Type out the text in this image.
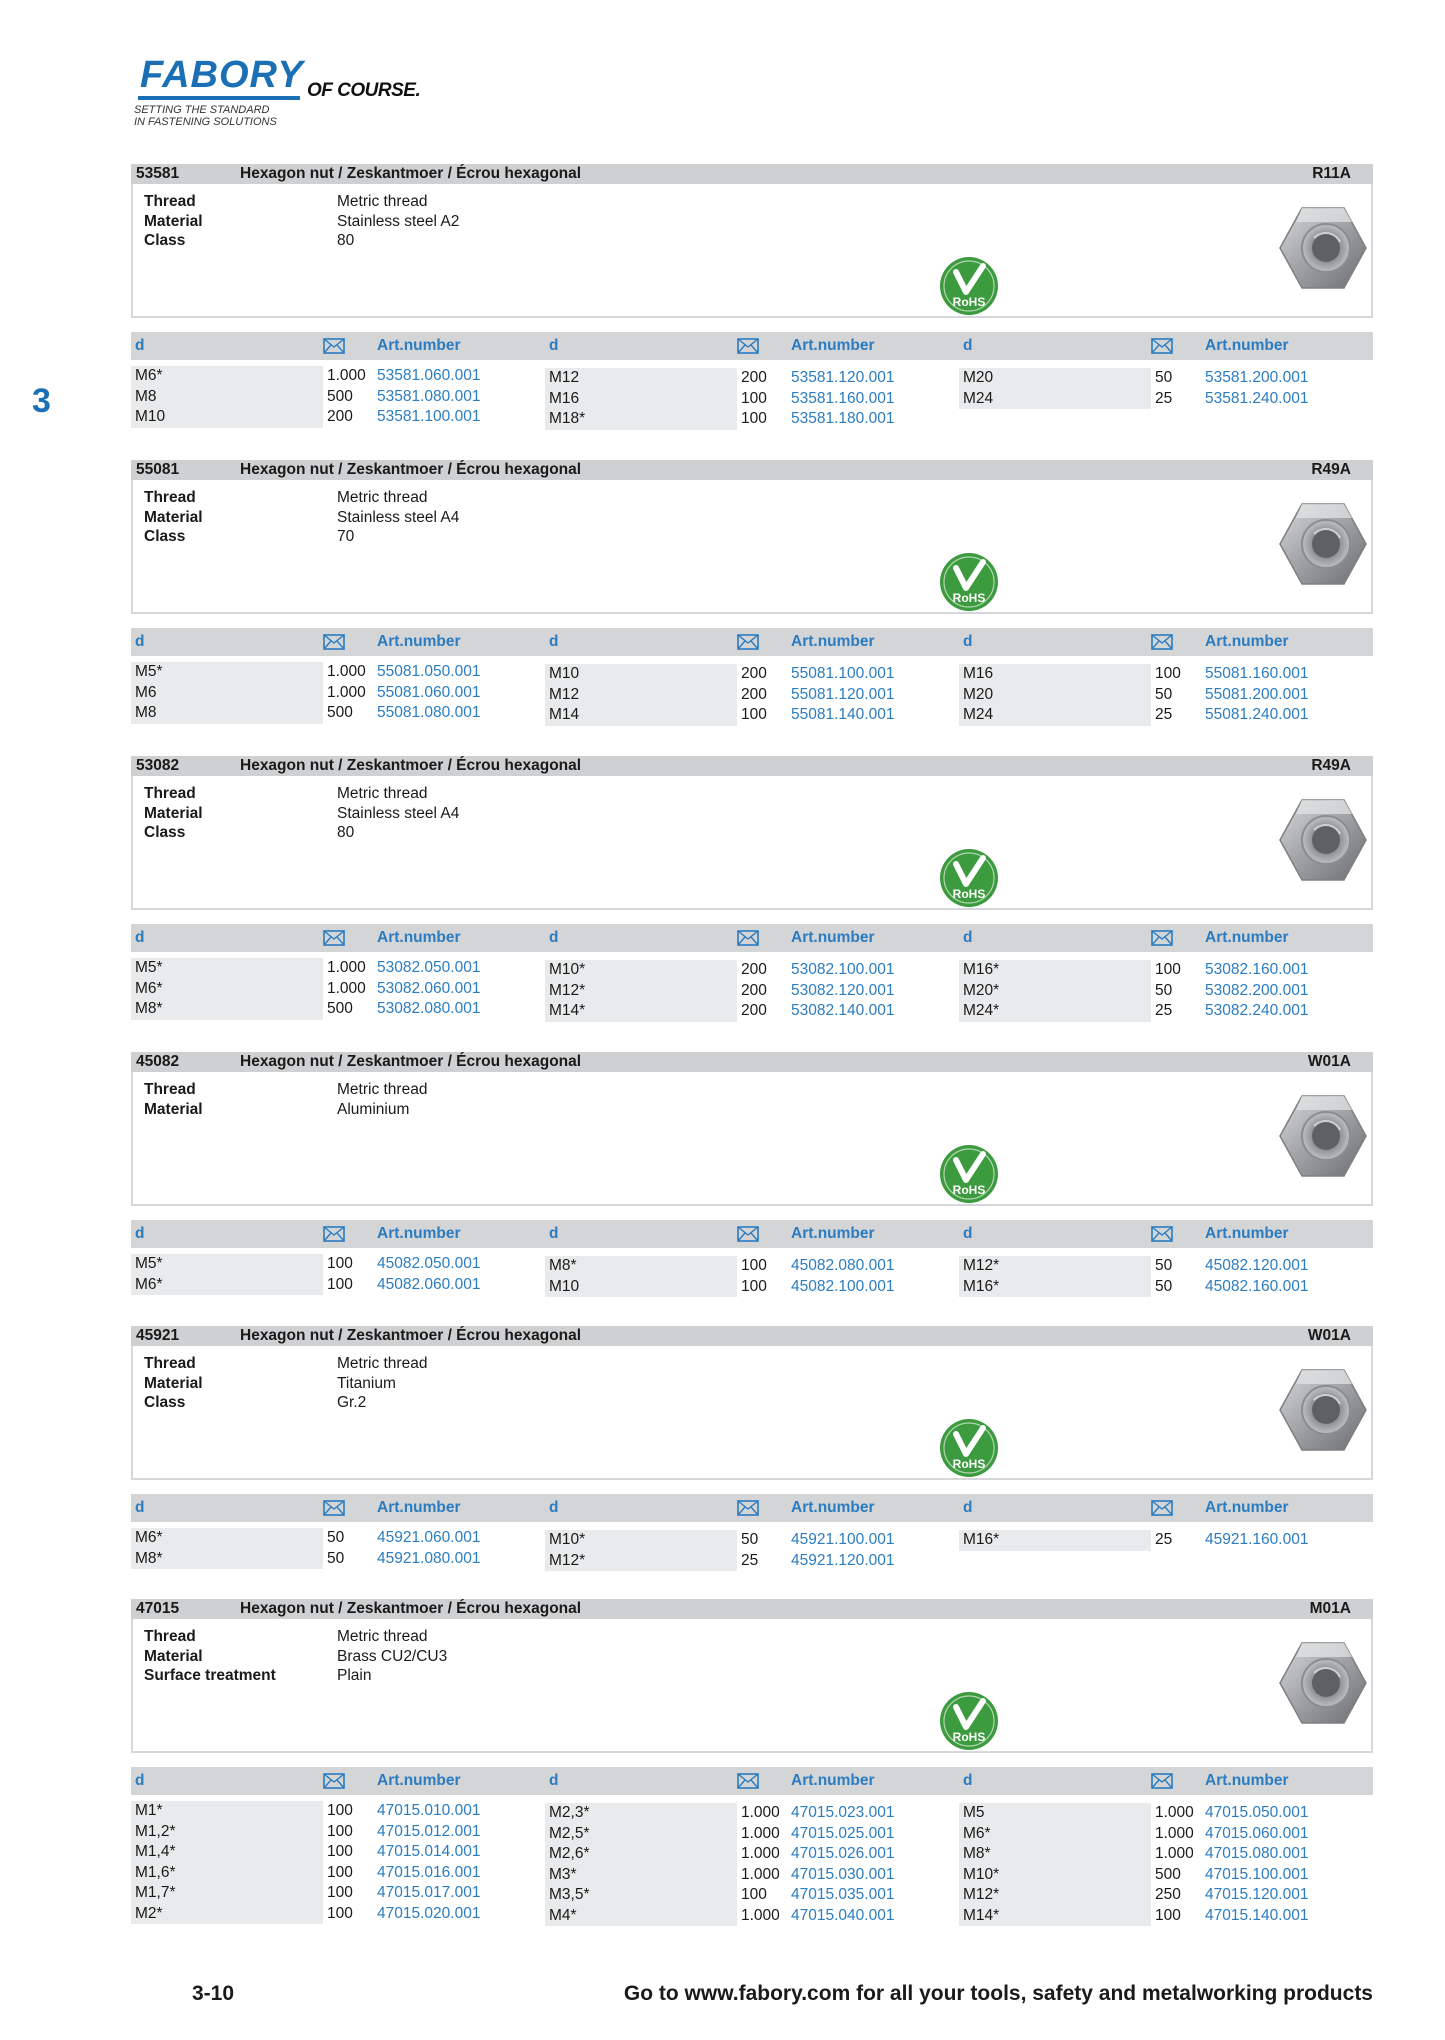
FABORY OF COURSE.
SETTING THE STANDARD
IN FASTENING SOLUTIONS
3
53581	Hexagon nut / Zeskantmoer / Écrou hexagonal	R11A
Thread	Metric thread
Material	Stainless steel A2
Class	80
RoHS
d	Art.number	d	Art.number	d	Art.number
M6*	1.000 53581.060.001
M8	500	53581.080.001
M10	200	53581.100.001
M12	200	53581.120.001
M16	100	53581.160.001
M18*	100	53581.180.001
M20	50	53581.200.001
M24	25	53581.240.001
55081	Hexagon nut / Zeskantmoer / Écrou hexagonal	R49A
Thread	Metric thread
Material	Stainless steel A4
Class	70
RoHS
d	Art.number	d	Art.number	d	Art.number
M5*	1.000 55081.050.001
M6	1.000 55081.060.001
M8	500	55081.080.001
M10	200	55081.100.001
M12	200	55081.120.001
M14	100	55081.140.001
M16	100	55081.160.001
M20	50	55081.200.001
M24	25	55081.240.001
53082	Hexagon nut / Zeskantmoer / Écrou hexagonal	R49A
Thread	Metric thread
Material	Stainless steel A4
Class	80
RoHS
d	Art.number	d	Art.number	d	Art.number
M5*	1.000 53082.050.001
M6*	1.000 53082.060.001
M8*	500	53082.080.001
M10*	200	53082.100.001
M12*	200	53082.120.001
M14*	200	53082.140.001
M16*	100	53082.160.001
M20*	50	53082.200.001
M24*	25	53082.240.001
45082	Hexagon nut / Zeskantmoer / Écrou hexagonal	W01A
Thread	Metric thread
Material	Aluminium
RoHS
d	Art.number	d	Art.number	d	Art.number
M5*	100	45082.050.001
M6*	100	45082.060.001
M8*	100	45082.080.001
M10	100	45082.100.001
M12*	50	45082.120.001
M16*	50	45082.160.001
45921	Hexagon nut / Zeskantmoer / Écrou hexagonal	W01A
Thread	Metric thread
Material	Titanium
Class	Gr.2
RoHS
d	Art.number	d	Art.number	d	Art.number
M6*	50	45921.060.001
M8*	50	45921.080.001
M10*	50	45921.100.001
M12*	25	45921.120.001
M16*	25	45921.160.001
47015	Hexagon nut / Zeskantmoer / Écrou hexagonal	M01A
Thread	Metric thread
Material	Brass CU2/CU3
Surface treatment	Plain
RoHS
d	Art.number	d	Art.number	d	Art.number
M1*	100	47015.010.001
M1,2*	100	47015.012.001
M1,4*	100	47015.014.001
M1,6*	100	47015.016.001
M1,7*	100	47015.017.001
M2*	100	47015.020.001
M2,3*	1.000 47015.023.001
M2,5*	1.000 47015.025.001
M2,6*	1.000 47015.026.001
M3*	1.000 47015.030.001
M3,5*	100	47015.035.001
M4*	1.000 47015.040.001
M5	1.000 47015.050.001
M6*	1.000 47015.060.001
M8*	1.000 47015.080.001
M10*	500	47015.100.001
M12*	250	47015.120.001
M14*	100	47015.140.001
3-10	Go to www.fabory.com for all your tools, safety and metalworking products
